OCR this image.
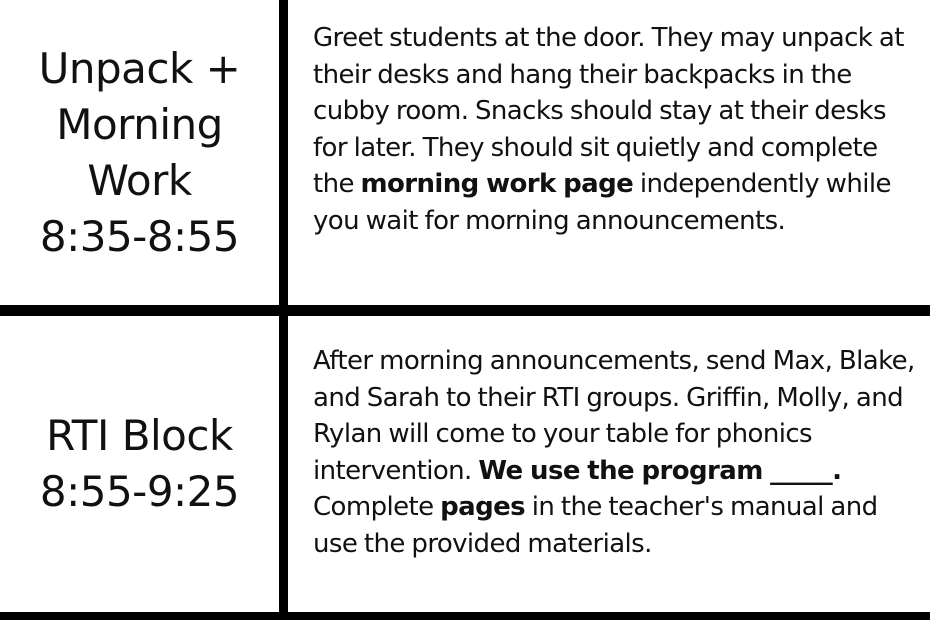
Unpack +
Morning
Work
8:35-8:55
Greet students at the door. They may unpack at their desks and hang their backpacks in the cubby room. Snacks should stay at their desks for later. They should sit quietly and complete the morning work page independently while you wait for morning announcements.
RTI Block
8:55-9:25
After morning announcements, send Max, Blake, and Sarah to their RTI groups. Griffin, Molly, and Rylan will come to your table for phonics intervention. We use the program _____. Complete pages in the teacher's manual and use the provided materials.
